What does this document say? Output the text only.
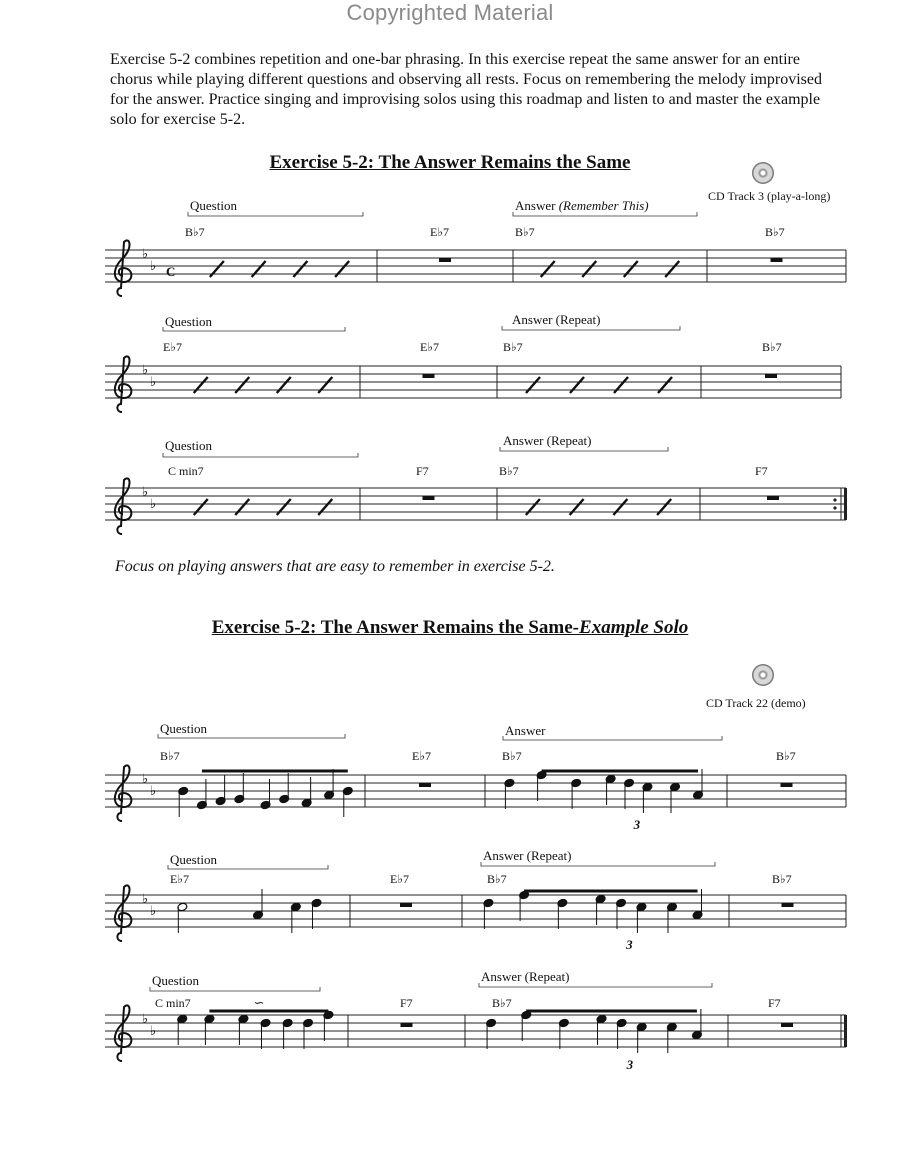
Copyrighted Material
Exercise 5-2 combines repetition and one-bar phrasing. In this exercise repeat the same answer for an entire chorus while playing different questions and observing all rests. Focus on remembering the melody improvised for the answer. Practice singing and improvising solos using this roadmap and listen to and master the example solo for exercise 5-2.
Exercise 5-2: The Answer Remains the Same
CD Track 3 (play-a-long)
Focus on playing answers that are easy to remember in exercise 5-2.
Exercise 5-2: The Answer Remains the Same-Example Solo
CD Track 22 (demo)
♭
♭ C
Question	Answer (Remember This)
B♭7	E♭7	B♭7	B♭7
♭
♭
Question	Answer (Repeat)
E♭7	E♭7	B♭7	B♭7
♭
♭
Question	Answer (Repeat)
C min7	F7	B♭7	F7
♭
♭
Question	Answer
B♭7	E♭7	B♭7	B♭7
3
♭
♭
Question	Answer (Repeat)
E♭7	E♭7	B♭7	B♭7
3
♭
♭
Question	Answer (Repeat)
C min7	F7	B♭7	F7
∽
3
